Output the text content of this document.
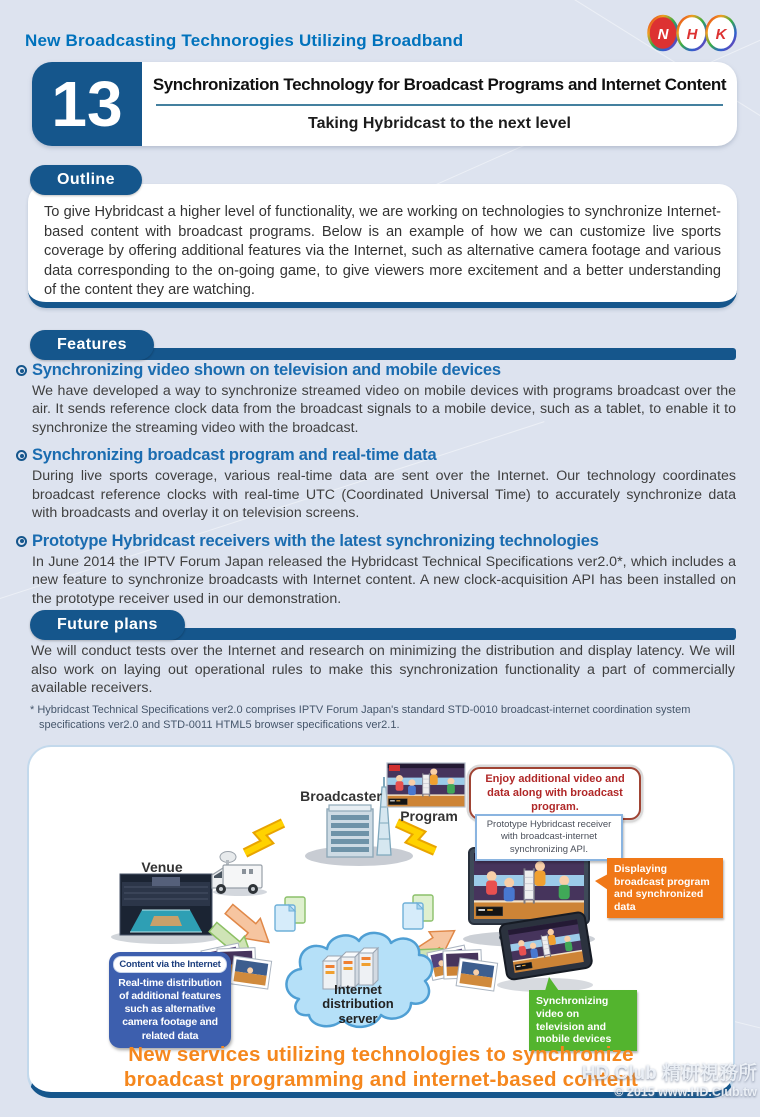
New Broadcasting Technorogies Utilizing Broadband	N H K
13	Synchronization Technology for Broadcast Programs and Internet Content
Taking Hybridcast to the next level
Outline
To give Hybridcast a higher level of functionality, we are working on technologies to synchronize Internet-based content with broadcast programs. Below is an example of how we can customize live sports coverage by offering additional features via the Internet, such as alternative camera footage and various data corresponding to the on-going game, to give viewers more excitement and a better understanding of the content they are watching.
Features
Synchronizing video shown on television and mobile devices
We have developed a way to synchronize streamed video on mobile devices with programs broadcast over the air. It sends reference clock data from the broadcast signals to a mobile device, such as a tablet, to enable it to synchronize the streaming video with the broadcast.
Synchronizing broadcast program and real-time data
During live sports coverage, various real-time data are sent over the Internet. Our technology coordinates broadcast reference clocks with real-time UTC (Coordinated Universal Time) to accurately synchronize data with broadcasts and overlay it on television screens.
Prototype Hybridcast receivers with the latest synchronizing technologies
In June 2014 the IPTV Forum Japan released the Hybridcast Technical Specifications ver2.0*, which includes a new feature to synchronize broadcasts with Internet content. A new clock-acquisition API has been installed on the prototype receiver used in our demonstration.
Future plans
We will conduct tests over the Internet and research on minimizing the distribution and display latency. We will also work on laying out operational rules to make this synchronization functionality a part of commercially available receivers.
* Hybridcast Technical Specifications ver2.0 comprises IPTV Forum Japan's standard STD-0010 broadcast-internet coordination system specifications ver2.0 and STD-0011 HTML5 browser specifications ver2.1.
Venue
Broadcaster
Program
Internet distribution server
Enjoy additional video and data along with broadcast program.
Prototype Hybridcast receiver with broadcast-internet synchronizing API.
Displaying broadcast program and synchronized data
Synchronizing video on television and mobile devices
Content via the Internet
Real-time distribution of additional features such as alternative camera footage and related data
New services utilizing technologies to synchronize
broadcast programming and internet-based content
HD.Club 精研視務所
© 2015 www.HD.Club.tw
